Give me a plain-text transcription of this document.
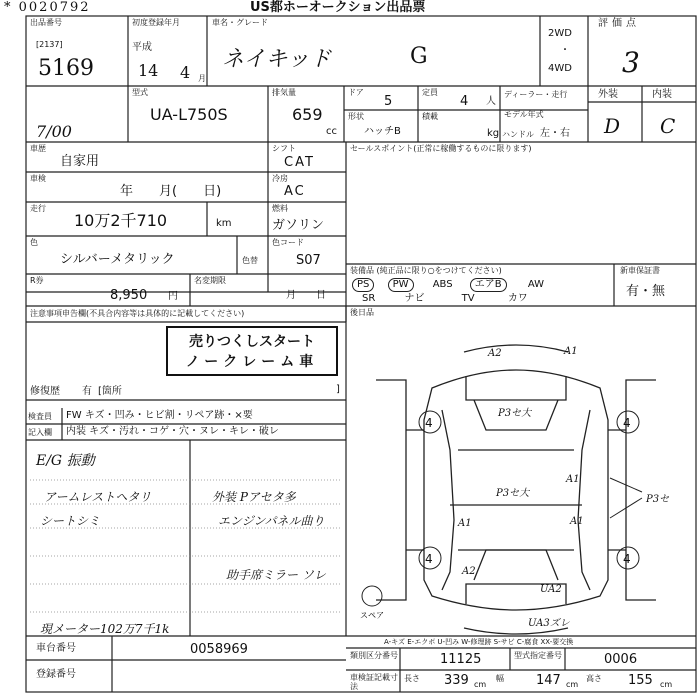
* 0020792	US都ホーオークション出品票
出品番号
[2137]
5169
初度登録年月
平成
14 4 月
車名・グレード
ネイキッド	G
2WD
・
4WD
評価点
3
型式
UA-L750S
排気量
659
cc
ドア
5
定員
4 人
ディーラー・走行
モデル年式
形状
ハッチB
積載
kg ハンドル 左・右
外装	内装
D C
7/00
車歴
自家用
シフト
CAT
車検
年　　月(　　日)
冷房
AC
走行
10万2千710	km
燃料
ガソリン
色
シルバーメタリック	色替
色コード
S07
R券
8,950 円
名変期限
月　　日
セールスポイント(正常に稼働するものに限ります)
装備品 (純正品に限り○をつけてください)
PS PW ABS エアB	AW
SR	ナビ	TV	カワ
新車保証書
有・無
後日品
注意事項申告欄(不具合内容等は具体的に記載してください)
売りつくしスタート
ノークレーム車
修復歴 有 [箇所	]
検査員 FW キズ・凹み・ヒビ割・リペア跡・×要
記入欄 内装 キズ・汚れ・コゲ・穴・ヌレ・キレ・破レ
E/G 振動
アームレストヘタリ
シートシミ
外装 Pアセタ多
エンジンパネル曲り
助手席ミラー ソレ
現メーター102万7千1k
4	4
4	4
A2	A1
P3セ大
P3セ大
A1
A1
P3セ
A1
A2
UA2
UA3ズレ
スペア
A-キズ E-エクボ U-凹み W-修理跡 S-サビ C-腐食 XX-要交換
車台番号	0058969
登録番号
類別区分番号	11125	型式指定番号	0006
車検証記載寸法
長さ 339 cm
幅 147 cm
高さ 155 cm
